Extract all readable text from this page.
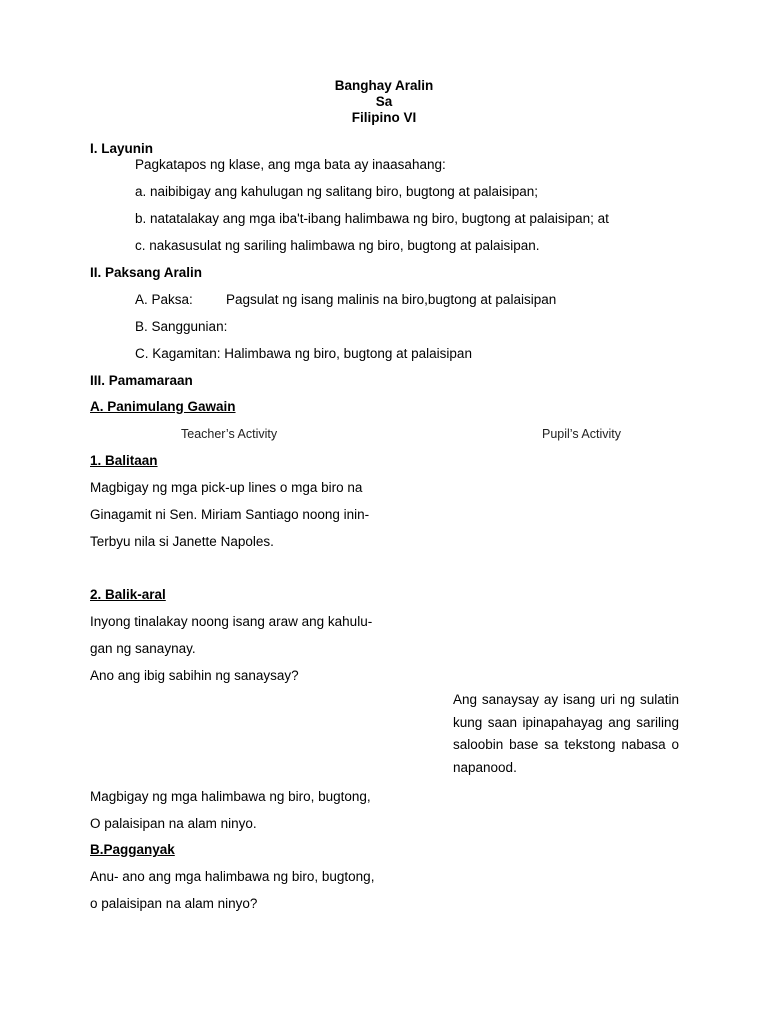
Banghay Aralin
Sa
Filipino VI
I. Layunin
Pagkatapos ng klase, ang mga bata ay inaasahang:
a. naibibigay ang kahulugan ng salitang biro, bugtong at palaisipan;
b. natatalakay ang mga iba't-ibang halimbawa ng biro, bugtong at palaisipan; at
c. nakasusulat ng sariling halimbawa ng biro, bugtong at palaisipan.
II. Paksang Aralin
A. Paksa: Pagsulat ng isang malinis na biro,bugtong at palaisipan
B. Sanggunian:
C. Kagamitan: Halimbawa ng biro, bugtong at palaisipan
III. Pamamaraan
A. Panimulang Gawain
Teacher’s Activity	Pupil’s Activity
1. Balitaan
Magbigay ng mga pick-up lines o mga biro na
Ginagamit ni Sen. Miriam Santiago noong inin-
Terbyu nila si Janette Napoles.
2. Balik-aral
Inyong tinalakay noong isang araw ang kahulu-
gan ng sanaynay.
Ano ang ibig sabihin ng sanaysay?
Ang sanaysay ay isang uri ng sulatin kung saan ipinapahayag ang sariling saloobin base sa tekstong nabasa o napanood.
Magbigay ng mga halimbawa ng biro, bugtong,
O palaisipan na alam ninyo.
B.Pagganyak
Anu- ano ang mga halimbawa ng biro, bugtong,
o palaisipan na alam ninyo?
